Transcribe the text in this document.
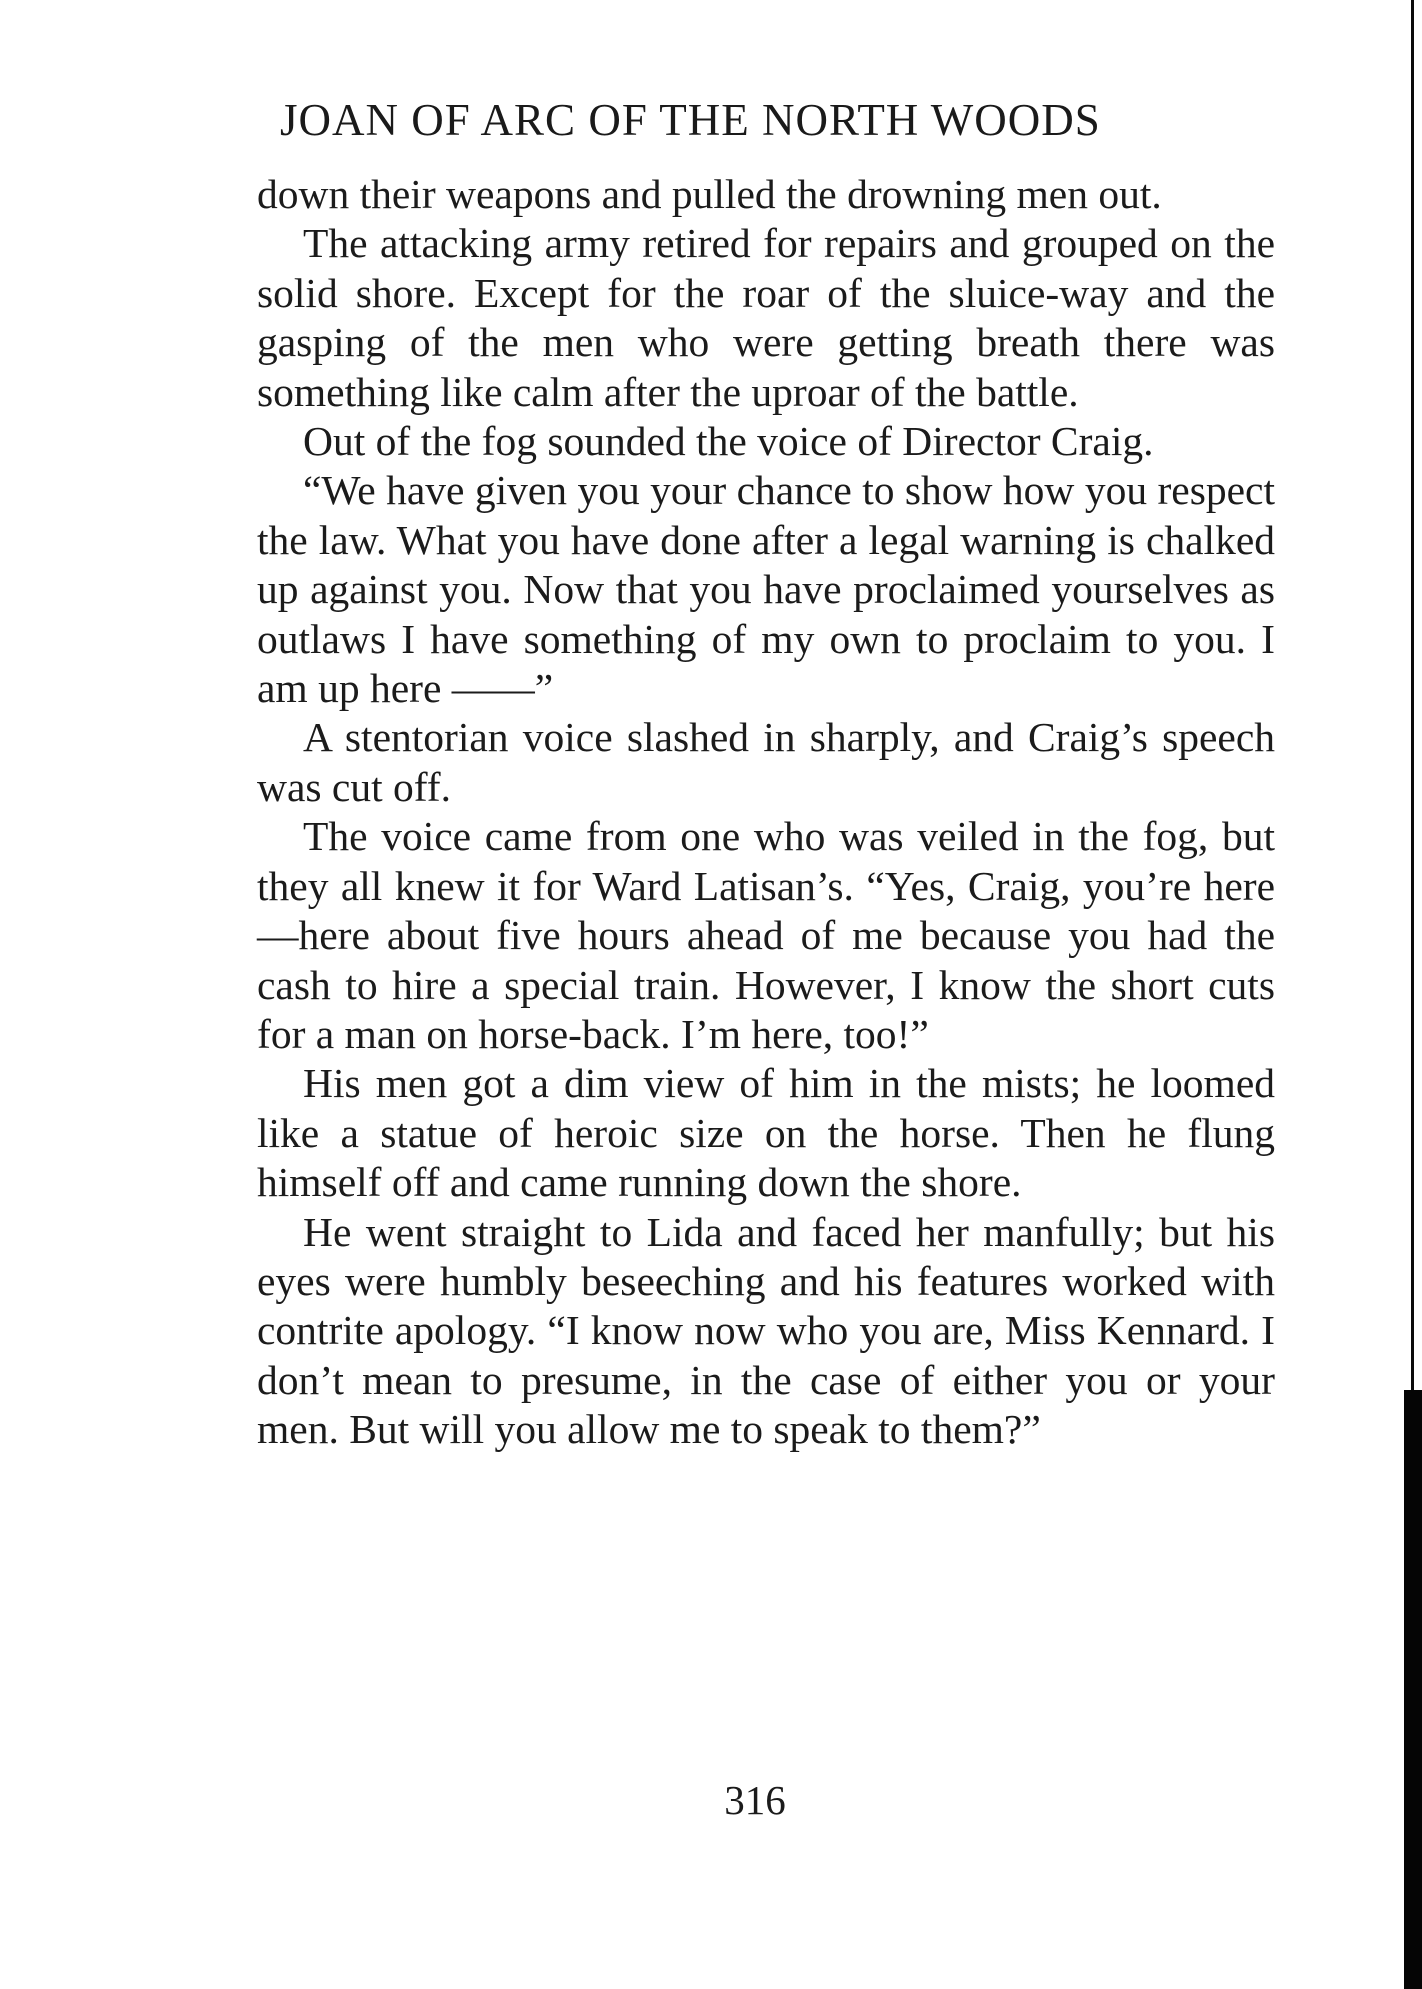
JOAN OF ARC OF THE NORTH WOODS

down their weapons and pulled the drowning men out.

The attacking army retired for repairs and grouped on the solid shore. Except for the roar of the sluice-way and the gasping of the men who were getting breath there was something like calm after the uproar of the battle.

Out of the fog sounded the voice of Director Craig.

“We have given you your chance to show how you respect the law. What you have done after a legal warning is chalked up against you. Now that you have proclaimed yourselves as outlaws I have something of my own to proclaim to you. I am up here ——”

A stentorian voice slashed in sharply, and Craig’s speech was cut off.

The voice came from one who was veiled in the fog, but they all knew it for Ward Latisan’s. “Yes, Craig, you’re here—here about five hours ahead of me because you had the cash to hire a special train. However, I know the short cuts for a man on horse-back. I’m here, too!”

His men got a dim view of him in the mists; he loomed like a statue of heroic size on the horse. Then he flung himself off and came running down the shore.

He went straight to Lida and faced her manfully; but his eyes were humbly beseeching and his features worked with contrite apology. “I know now who you are, Miss Kennard. I don’t mean to presume, in the case of either you or your men. But will you allow me to speak to them?”

316
